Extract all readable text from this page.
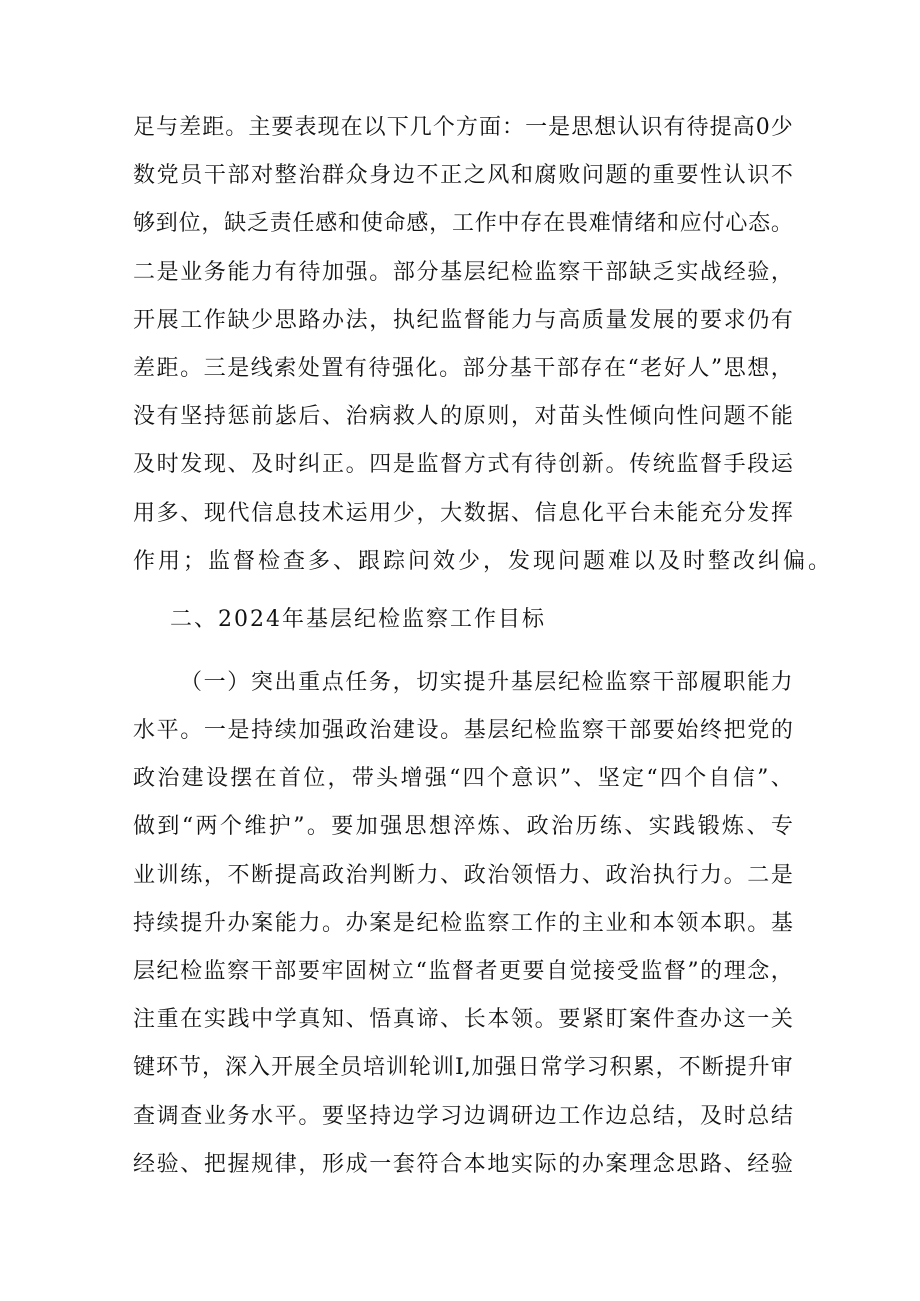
足 与 差 距 。 主 要 表 现 在 以 下 几 个 方 面 ： 一 是 思 想 认 识 有 待 提 高 0 少
数 党 员 干 部 对 整 治 群 众 身 边 不 正 之 风 和 腐 败 问 题 的 重 要 性 认 识 不
够 到 位 ， 缺 乏 责 任 感 和 使 命 感 ， 工 作 中 存 在 畏 难 情 绪 和 应 付 心 态 。
二 是 业 务 能 力 有 待 加 强 。 部 分 基 层 纪 检 监 察 干 部 缺 乏 实 战 经 验 ，
开 展 工 作 缺 少 思 路 办 法 ， 执 纪 监 督 能 力 与 高 质 量 发 展 的 要 求 仍 有
差 距 。 三 是 线 索 处 置 有 待 强 化 。 部 分 基 干 部 存 在 “ 老 好 人 ” 思 想 ，
没 有 坚 持 惩 前 毖 后 、 治 病 救 人 的 原 则 ， 对 苗 头 性 倾 向 性 问 题 不 能
及 时 发 现 、 及 时 纠 正 。 四 是 监 督 方 式 有 待 创 新 。 传 统 监 督 手 段 运
用 多 、 现 代 信 息 技 术 运 用 少 ， 大 数 据 、 信 息 化 平 台 未 能 充 分 发 挥
作用；监督检查多、跟踪问效少，发现问题难以及时整改纠偏。
二、2024年基层纪检监察工作目标
（ 一 ） 突 出 重 点 任 务 ， 切 实 提 升 基 层 纪 检 监 察 干 部 履 职 能 力
水 平 。 一 是 持 续 加 强 政 治 建 设 。 基 层 纪 检 监 察 干 部 要 始 终 把 党 的
政 治 建 设 摆 在 首 位 ， 带 头 增 强 “ 四 个 意 识 ” 、 坚 定 “ 四 个 自 信 ” 、
做 到 “ 两 个 维 护 ” 。 要 加 强 思 想 淬 炼 、 政 治 历 练 、 实 践 锻 炼 、 专
业 训 练 ， 不 断 提 高 政 治 判 断 力 、 政 治 领 悟 力 、 政 治 执 行 力 。 二 是
持 续 提 升 办 案 能 力 。 办 案 是 纪 检 监 察 工 作 的 主 业 和 本 领 本 职 。 基
层 纪 检 监 察 干 部 要 牢 固 树 立 “ 监 督 者 更 要 自 觉 接 受 监 督 ” 的 理 念 ，
注 重 在 实 践 中 学 真 知 、 悟 真 谛 、 长 本 领 。 要 紧 盯 案 件 查 办 这 一 关
键 环 节 ， 深 入 开 展 全 员 培 训 轮 训 I, 加 强 日 常 学 习 积 累 ， 不 断 提 升 审
查 调 查 业 务 水 平 。 要 坚 持 边 学 习 边 调 研 边 工 作 边 总 结 ， 及 时 总 结
经 验 、 把 握 规 律 ， 形 成 一 套 符 合 本 地 实 际 的 办 案 理 念 思 路 、 经 验
